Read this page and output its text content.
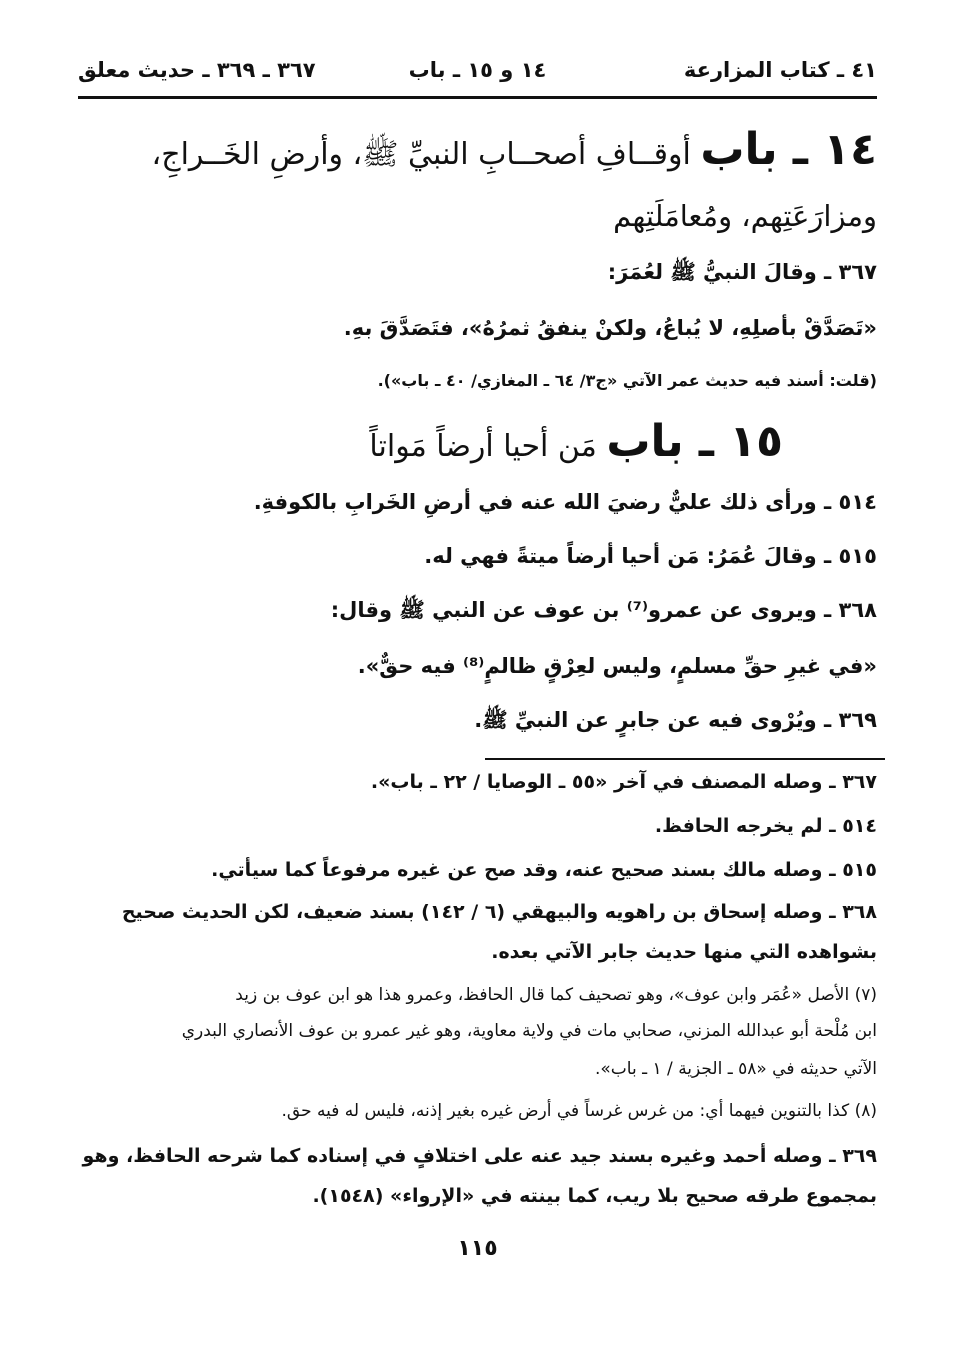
٤١ ـ كتاب المزارعة
١٤ و ١٥ ـ باب
٣٦٧ ـ ٣٦٩ ـ حديث معلق
١٤ ـ باب أوقــافِ أصحــابِ النبيِّ ﷺ، وأرضِ الخَــراجِ،
ومزارَعَتِهم، ومُعامَلَتِهم
٣٦٧ ـ وقالَ النبيُّ ﷺ لعُمَرَ:
«تَصَدَّقْ بأصلِهِ، لا يُباعُ، ولكنْ ينفقُ ثمرُهُ»، فتَصَدَّقَ بهِ.
(قلت: أسند فيه حديث عمر الآتي «ج٣/ ٦٤ ـ المغازي/ ٤٠ ـ باب»).
١٥ ـ باب مَن أحيا أرضاً مَواتاً
٥١٤ ـ ورأى ذلك عليٌّ رضيَ الله عنه في أرضِ الخَرابِ بالكوفةِ.
٥١٥ ـ وقالَ عُمَرُ: مَن أحيا أرضاً ميتةً فهي له.
٣٦٨ ـ ويروى عن عمرو⁽⁷⁾ بن عوف عن النبي ﷺ وقال:
«في غيرِ حقِّ مسلمٍ، وليس لعِرْقٍ ظالمٍ⁽⁸⁾ فيه حقٌّ».
٣٦٩ ـ ويُرْوى فيه عن جابرٍ عن النبيِّ ﷺ.
٣٦٧ ـ وصله المصنف في آخر «٥٥ ـ الوصايا / ٢٢ ـ باب».
٥١٤ ـ لم يخرجه الحافظ.
٥١٥ ـ وصله مالك بسند صحيح عنه، وقد صح عن غيره مرفوعاً كما سيأتي.
٣٦٨ ـ وصله إسحاق بن راهويه والبيهقي (٦ / ١٤٢) بسند ضعيف، لكن الحديث صحيح
بشواهده التي منها حديث جابر الآتي بعده.
(٧) الأصل «عُمَر وابن عوف»، وهو تصحيف كما قال الحافظ، وعمرو هذا هو ابن عوف بن زيد
ابن مُلْحة أبو عبدالله المزني، صحابي مات في ولاية معاوية، وهو غير عمرو بن عوف الأنصاري البدري
الآتي حديثه في «٥٨ ـ الجزية / ١ ـ باب».
(٨) كذا بالتنوين فيهما أي: من غرس غرساً في أرض غيره بغير إذنه، فليس له فيه حق.
٣٦٩ ـ وصله أحمد وغيره بسند جيد عنه على اختلافٍ في إسناده كما شرحه الحافظ، وهو
بمجموع طرقه صحيح بلا ريب، كما بينته في «الإرواء» (١٥٤٨).
١١٥
